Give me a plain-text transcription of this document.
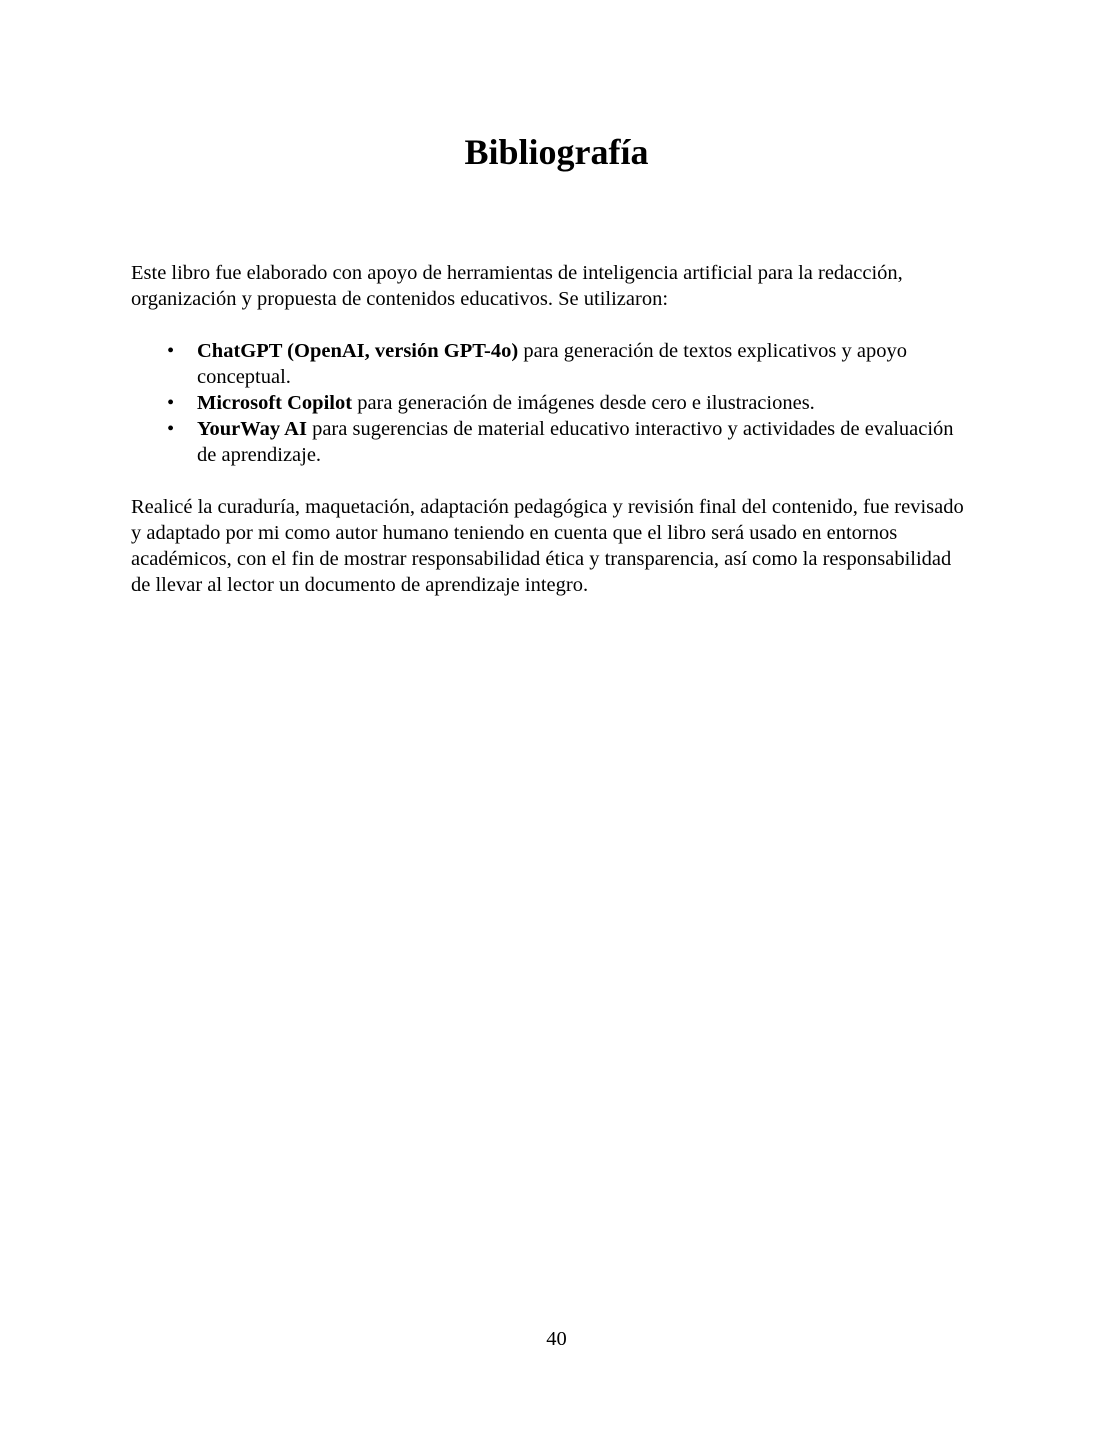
Bibliografía

Este libro fue elaborado con apoyo de herramientas de inteligencia artificial para la redacción, organización y propuesta de contenidos educativos. Se utilizaron:

•	ChatGPT (OpenAI, versión GPT-4o) para generación de textos explicativos y apoyo conceptual.
•	Microsoft Copilot para generación de imágenes desde cero e ilustraciones.
•	YourWay AI para sugerencias de material educativo interactivo y actividades de evaluación de aprendizaje.

Realicé la curaduría, maquetación, adaptación pedagógica y revisión final del contenido, fue revisado y adaptado por mi como autor humano teniendo en cuenta que el libro será usado en entornos académicos, con el fin de mostrar responsabilidad ética y transparencia, así como la responsabilidad de llevar al lector un documento de aprendizaje integro.

40
